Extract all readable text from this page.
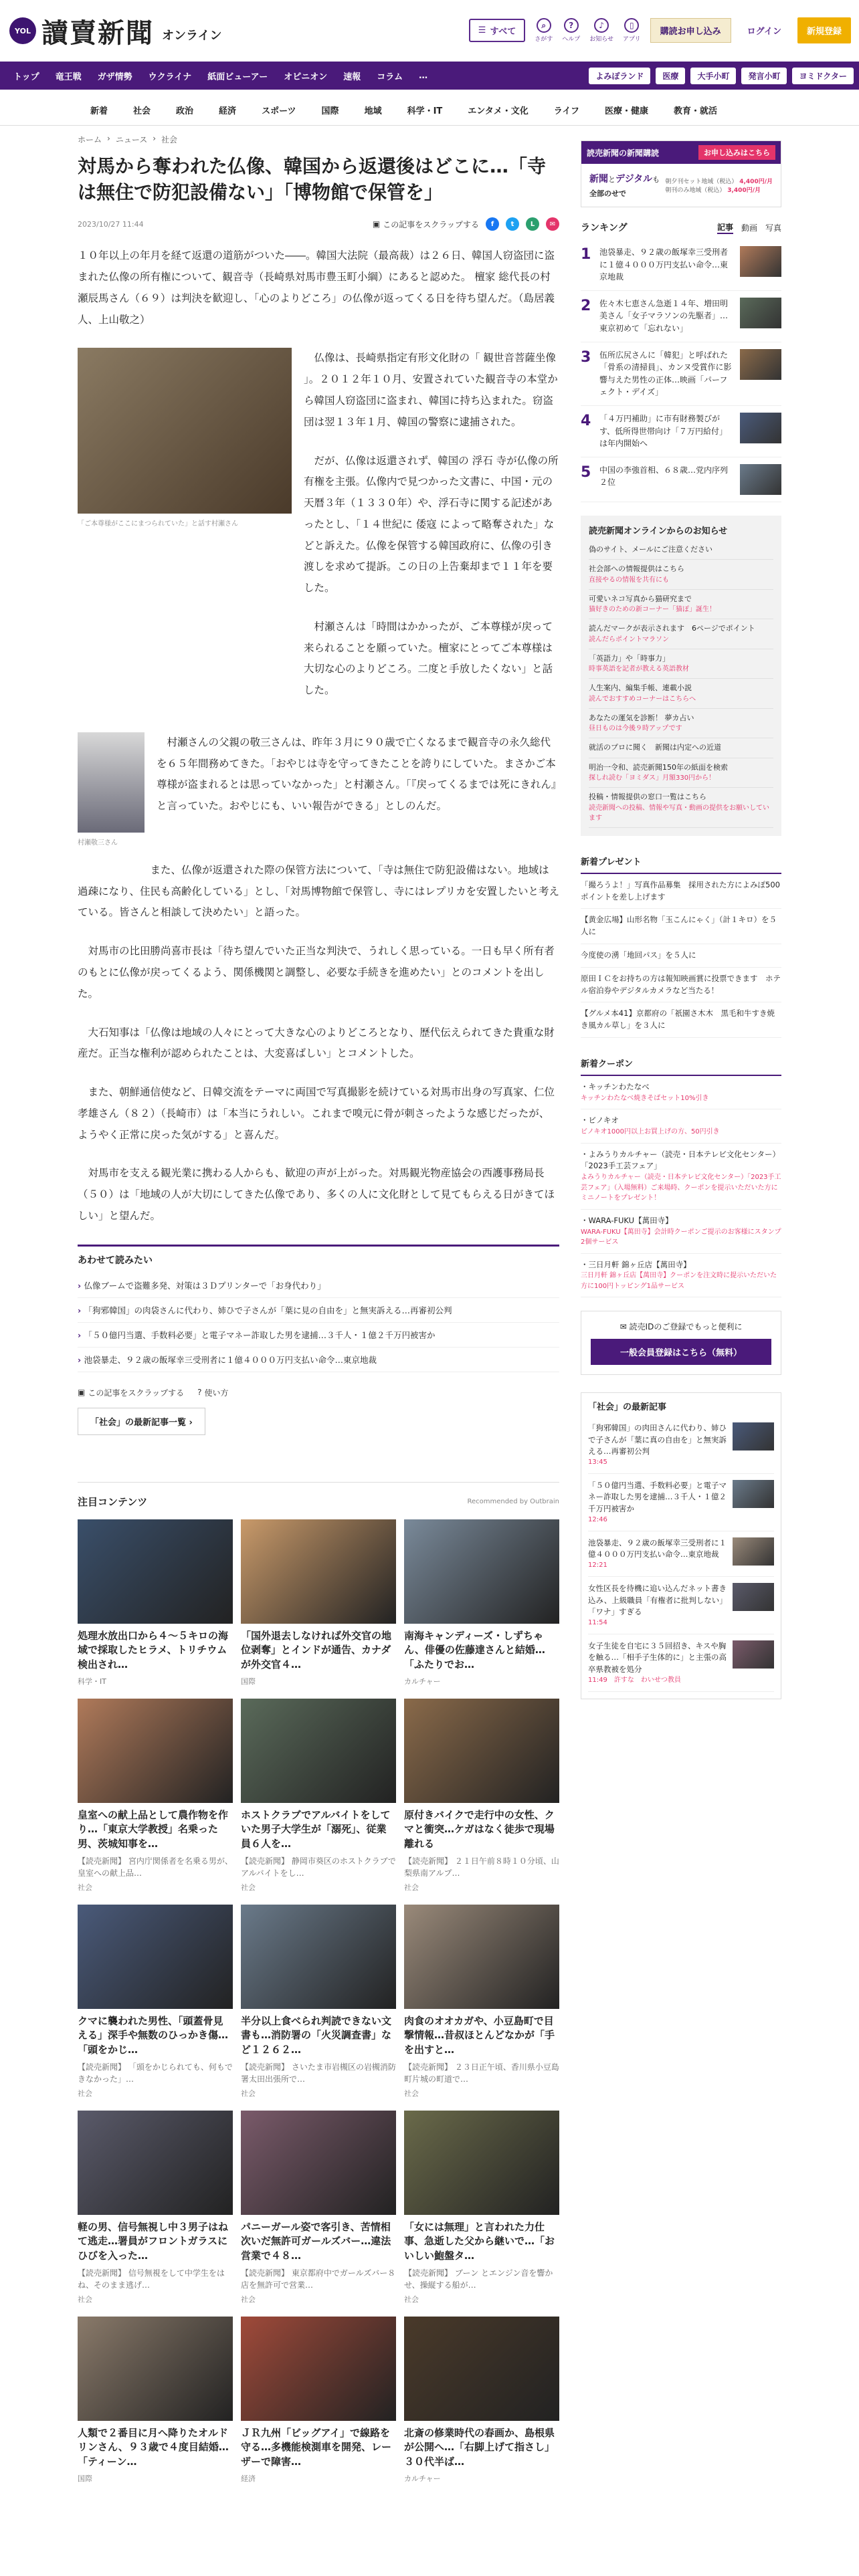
YOL 讀賣新聞 オンライン	☰ すべて
⌕
さがす
?
ヘルプ
♪
お知らせ
▯
アプリ
購読お申し込み	ログイン	新規登録
トップ	竜王戦	ガザ情勢	ウクライナ	紙面ビューアー	オピニオン	速報	コラム	…	よみぽランド	医療	大手小町	発言小町	ヨミドクター
新着	社会	政治	経済	スポーツ	国際	地域	科学・IT	エンタメ・文化	ライフ	医療・健康	教育・就活
ホーム › ニュース › 社会
対馬から奪われた仏像、韓国から返還後はどこに…「寺は無住で防犯設備ない」「博物館で保管を」
2023/10/27 11:44	▣ この記事をスクラップする	f	t	L	✉

１０年以上の年月を経て返還の道筋がついた――。韓国大法院（最高裁）は２６日、韓国人窃盗団に盗まれた仏像の所有権について、観音寺（長崎県対馬市豊玉町小綱）にあると認めた。 檀家 総代長の村瀬辰馬さん（６９）は判決を歓迎し、「心のよりどころ」の仏像が返ってくる日を待ち望んだ。（島居義人、上山敬之）

「ご本尊様がここにまつられていた」と話す村瀬さん

仏像は、長崎県指定有形文化財の「 観世音菩薩坐像 」。２０１２年１０月、安置されていた観音寺の本堂から韓国人窃盗団に盗まれ、韓国に持ち込まれた。窃盗団は翌１３年１月、韓国の警察に逮捕された。

だが、仏像は返還されず、韓国の 浮石 寺が仏像の所有権を主張。仏像内で見つかった文書に、中国・元の天暦３年（１３３０年）や、浮石寺に関する記述があったとし、「１４世紀に 倭寇 によって略奪された」などと訴えた。仏像を保管する韓国政府に、仏像の引き渡しを求めて提訴。この日の上告棄却まで１１年を要した。

村瀬さんは「時間はかかったが、ご本尊様が戻って来られることを願っていた。檀家にとってご本尊様は大切な心のよりどころ。二度と手放したくない」と話した。

村瀬敬三さん

村瀬さんの父親の敬三さんは、昨年３月に９０歳で亡くなるまで観音寺の永久総代を６５年間務めてきた。「おやじは寺を守ってきたことを誇りにしていた。まさかご本尊様が盗まれるとは思っていなかった」と村瀬さん。「『戻ってくるまでは死にきれん』と言っていた。おやじにも、いい報告ができる」としのんだ。

また、仏像が返還された際の保管方法について、「寺は無住で防犯設備はない。地域は過疎になり、住民も高齢化している」とし、「対馬博物館で保管し、寺にはレプリカを安置したいと考えている。皆さんと相談して決めたい」と語った。

対馬市の比田勝尚喜市長は「待ち望んでいた正当な判決で、うれしく思っている。一日も早く所有者のもとに仏像が戻ってくるよう、関係機関と調整し、必要な手続きを進めたい」とのコメントを出した。

大石知事は「仏像は地域の人々にとって大きな心のよりどころとなり、歴代伝えられてきた貴重な財産だ。正当な権利が認められたことは、大変喜ばしい」とコメントした。

また、朝鮮通信使など、日韓交流をテーマに両国で写真撮影を続けている対馬市出身の写真家、仁位孝雄さん（８２）（長崎市）は「本当にうれしい。これまで嗅元に骨が刺さったような感じだったが、ようやく正常に戻った気がする」と喜んだ。

対馬市を支える観光業に携わる人からも、歓迎の声が上がった。対馬観光物産協会の西護事務局長（５０）は「地域の人が大切にしてきた仏像であり、多くの人に文化財として見てもらえる日がきてほしい」と望んだ。

あわせて読みたい
› 仏像ブームで盗難多発、対策は３Ｄプリンターで「お身代わり」
› 「狗邪韓国」の肉袋さんに代わり、姉ひで子さんが「葉に見の自由を」と無実訴える…再審初公判
› 「５０億円当選、手数料必要」と電子マネー詐取した男を逮捕…３千人・１億２千万円被害か
› 池袋暴走、９２歳の飯塚幸三受刑者に１億４０００万円支払い命令…東京地裁
▣ この記事をスクラップする ? 使い方
「社会」の最新記事一覧 ›
注目コンテンツ	Recommended by Outbrain
処理水放出口から４～５キロの海域で採取したヒラメ、トリチウム検出され…
科学・IT
「国外退去しなければ外交官の地位剥奪」とインドが通告、カナダが外交官４…
国際
南海キャンディーズ・しずちゃん、俳優の佐藤達さんと結婚…「ふたりでお…
カルチャー
皇室への献上品として農作物を作り…「東京大学教授」名乗った男、茨城知事を…
【読売新聞】 宮内庁関係者を名乗る男が、皇室への献上品…
社会
ホストクラブでアルバイトをしていた男子大学生が「溺死」、従業員６人を…
【読売新聞】 静岡市葵区のホストクラブでアルバイトをし…
社会
原付きバイクで走行中の女性、クマと衝突…ケガはなく徒歩で現場離れる
【読売新聞】 ２１日午前８時１０分頃、山梨県南アルプ…
社会
クマに襲われた男性、「頭蓋骨見える」深手や無数のひっかき傷…「頭をかじ…
【読売新聞】 「頭をかじられても、何もできなかった」…
社会
半分以上食べられ判読できない文書も…消防署の「火災調査書」など１２６２…
【読売新聞】 さいたま市岩槻区の岩槻消防署太田出張所で…
社会
肉食のオオカガや、小豆島町で目撃情報…昔叔ほとんどなかが「手を出すと…
【読売新聞】 ２３日正午頃、香川県小豆島町片城の町道で…
社会
軽の男、信号無視し中３男子はねて逃走…署員がフロントガラスにひびを入った…
【読売新聞】 信号無視をして中学生をはね、そのまま逃げ…
社会
パニーガール姿で客引き、苦情相次いだ無許可ガールズバー…違法営業で４８…
【読売新聞】 東京都府中でガールズバー８店を無許可で営業…
社会
「女には無理」と言われた力仕事、急逝した父から継いで…「おいしい鮑盤タ…
【読売新聞】 ブーン とエンジン音を響かせ、操縦する船が…
社会
人類で２番目に月へ降りたオルドリンさん、９３歳で４度目結婚…「ティーン…
国際
ＪＲ九州「ビッグアイ」で線路を守る…多機能検測車を開発、レーザーで障害…
経済
北斎の修業時代の春画か、島根県が公開へ…「右脚上げて指さし」３０代半ば…
カルチャー
読売新聞の新聞購読	お申し込みはこちら
新聞とデジタルも
全部のせで
朝夕刊セット地域（税込） 4,400円/月
朝刊のみ地域（税込） 3,400円/月
ランキング	記事 動画 写真
1 池袋暴走、９２歳の飯塚幸三受刑者に１億４０００万円支払い命令…東京地裁
2 佐々木七恵さん急逝１４年、増田明美さん「女子マラソンの先駆者」…東京初めて「忘れない」
3 伍所広尻さんに「韓犯」と呼ばれた「骨系の清掃員」、カンヌ受賞作に影響与えた男性の正体…映画「パーフェクト・デイズ」
4 「４万円補助」に市有財務製びがす、低所得世帯向け「７万円給付」は年内開始へ
5 中国の李強首相、６８歳…党内序列２位
読売新聞オンラインからのお知らせ
偽のサイト、メールにご注意ください
社会部への情報提供はこちら
直接やるの情報を共有にも
可愛いネコ写真から猫研究まで
猫好きのための新コーナー「猫ぽ」誕生！
読んだマークが表示されます　6ページでポイント
読んだらポイントマラソン
「英語力」や「時事力」
時事英語を記者が教える英語教材
人生案内、編集手帳、連載小説
読んでおすすめコーナーはこちらへ
あなたの運気を診断！ 夢カ占い
昼日ものは今後９時アップです
就活のプロに聞く　新聞は内定への近道
明治一令和、読売新聞150年の紙面を検索
探しれ読む「ヨミダス」月額330円から！
投稿・情報提供の窓口一覧はこちら
読売新聞への投稿、情報や写真・動画の提供をお願いしています
新着プレゼント
「撮ろうよ！」写真作品募集　採用された方によみぽ500ポイントを差し上げます
【黄金広場】山形名物「玉こんにゃく」（計１キロ）を５人に
今度使の湧「地回パス」を５人に
原田ＩＣをお持ちの方は報知映画賞に投票できます　ホテル宿泊券やデジタルカメラなど当たる！
【グルメ本41】京都府の「祇園さ木木　黒毛和牛すき焼き風カル草し」を３人に
新着クーポン
・キッチンわたなべ
キッチンわたなべ焼きそばセット10%引き
・ビノキオ
ビノキオ1000円以上お買上げの方、50円引き
・よみうりカルチャー（読売・日本テレビ文化センター）「2023手工芸フェア」
よみうりカルチャー（読売・日本テレビ文化センター）「2023手工芸フェア」（入場無料）ご来場時、クーポンを提示いただいた方にミニノートをプレゼント！
・WARA-FUKU【萬田寺】
WARA-FUKU【萬田寺】会計時クーポンご提示のお客様にスタンプ2個サービス
・三日月軒 錦ヶ丘店【萬田寺】
三日月軒 錦ヶ丘店【萬田寺】クーポンを注文時に提示いただいた方に100円トッピング1品サービス
✉ 読売IDのご登録でもっと便利に
一般会員登録はこちら（無料）
「社会」の最新記事
「狗邪韓国」の肉田さんに代わり、姉ひで子さんが「葉に真の自由を」と無実訴える…再審初公判
13:45
「５０億円当選、手数料必要」と電子マネー詐取した男を逮捕…３千人・１億２千万円被害か
12:46
池袋暴走、９２歳の飯塚幸三受刑者に１億４０００万円支払い命令…東京地裁
12:21
女性区長を待機に追い込んだネット書き込み、上級職員「有権者に批判しない」「ワナ」すぎる
11:54
女子生徒を自宅に３５回招き、キスや胸を触る…「相手子生体的に」と主張の高卒県教被を処分
11:49　許すな　わいせつ教員
